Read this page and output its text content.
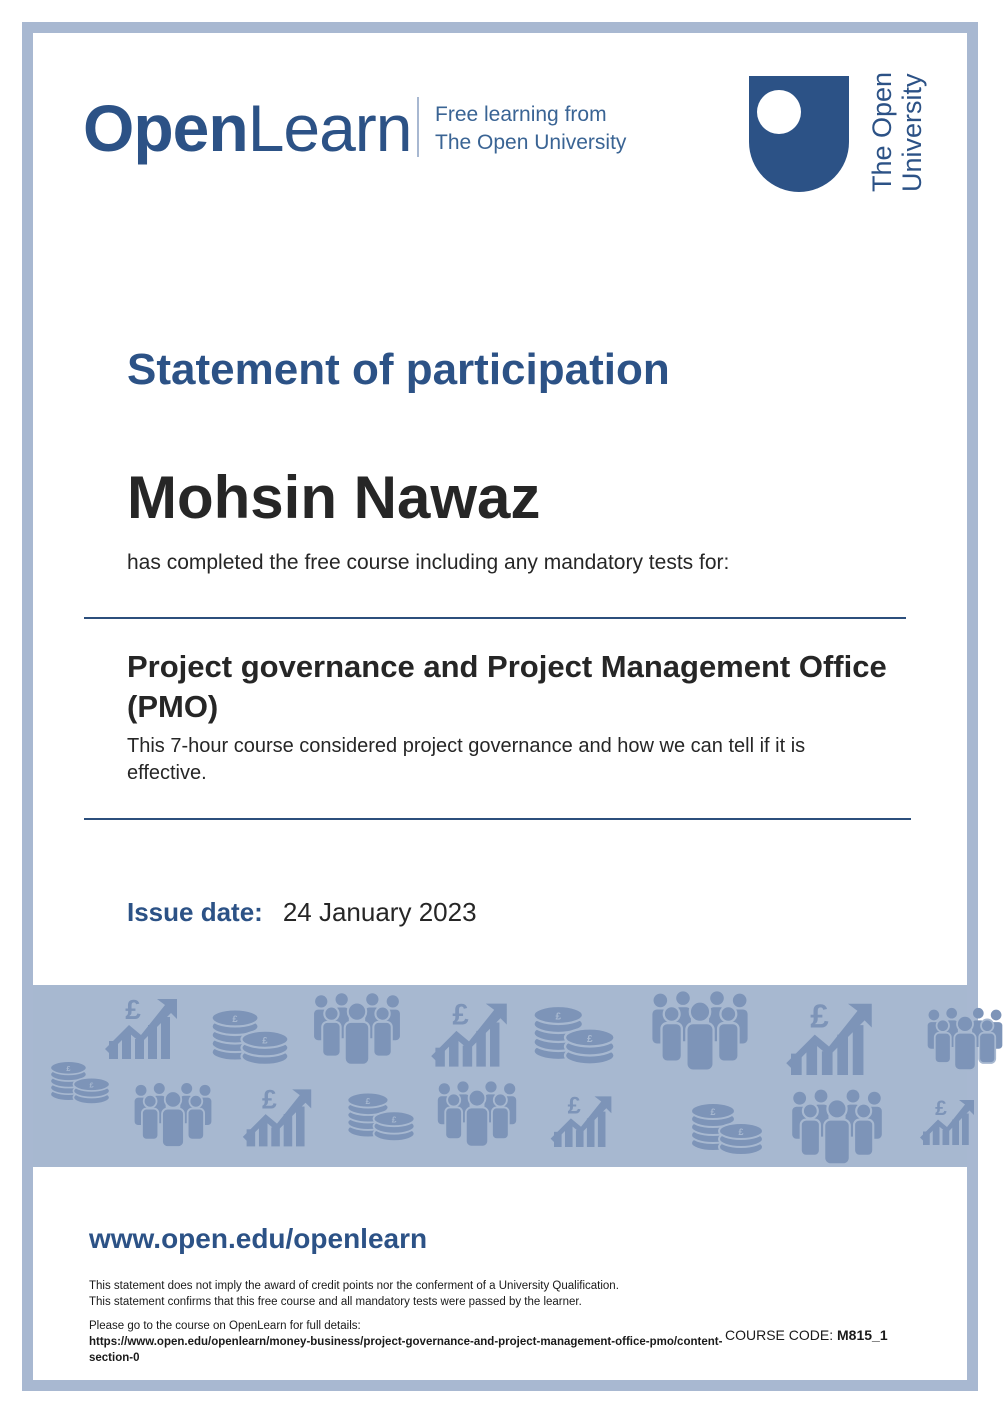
OpenLearn Free learning from
The Open University	The Open University
Statement of participation
Mohsin Nawaz
has completed the free course including any mandatory tests for:
Project governance and Project Management Office (PMO)
This 7-hour course considered project governance and how we can tell if it is effective.
Issue date: 24 January 2023
www.open.edu/openlearn
This statement does not imply the award of credit points nor the conferment of a University Qualification.
This statement confirms that this free course and all mandatory tests were passed by the learner.
Please go to the course on OpenLearn for full details:
https://www.open.edu/openlearn/money-business/project-governance-and-project-management-office-pmo/content-section-0
COURSE CODE: M815_1
